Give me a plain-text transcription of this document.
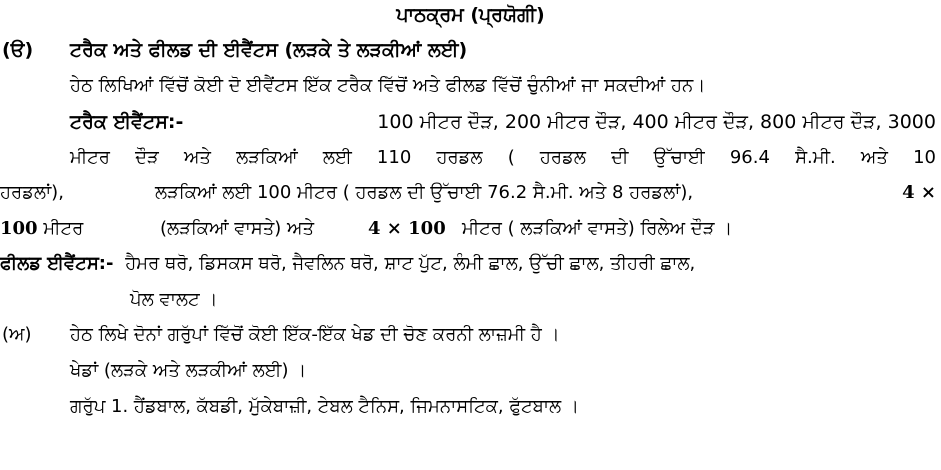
ਪਾਠਕ੍ਰਮ (ਪ੍ਰਯੋਗੀ)
(ੳ) ਟਰੈਕ ਅਤੇ ਫੀਲਡ ਦੀ ਈਵੈਂਟਸ (ਲੜਕੇ ਤੇ ਲੜਕੀਆਂ ਲਈ)
ਹੇਠ ਲਿਖਿਆਂ ਵਿੱਚੋਂ ਕੋਈ ਦੋ ਈਵੈਂਟਸ ਇੱਕ ਟਰੈਕ ਵਿੱਚੋਂ ਅਤੇ ਫੀਲਡ ਵਿੱਚੋਂ ਚੁੰਨੀਆਂ ਜਾ ਸਕਦੀਆਂ ਹਨ।
ਟਰੈਕ ਈਵੈਂਟਸ:-	100 ਮੀਟਰ ਦੌੜ, 200 ਮੀਟਰ ਦੌੜ, 400 ਮੀਟਰ ਦੌੜ, 800 ਮੀਟਰ ਦੌੜ, 3000
ਮੀਟਰ ਦੌੜ ਅਤੇ ਲੜਕਿਆਂ ਲਈ 110 ਹਰਡਲ ( ਹਰਡਲ ਦੀ ਉੱਚਾਈ 96.4 ਸੈ.ਮੀ. ਅਤੇ 10
ਹਰਡਲਾਂ),	ਲੜਕਿਆਂ ਲਈ 100 ਮੀਟਰ ( ਹਰਡਲ ਦੀ ਉੱਚਾਈ 76.2 ਸੈ.ਮੀ. ਅਤੇ 8 ਹਰਡਲਾਂ),	4 ×
100 ਮੀਟਰ	(ਲੜਕਿਆਂ ਵਾਸਤੇ) ਅਤੇ	4 × 100 ਮੀਟਰ ( ਲੜਕਿਆਂ ਵਾਸਤੇ) ਰਿਲੇਅ ਦੌੜ ।
ਫੀਲਡ ਈਵੈਂਟਸ:- ਹੈਮਰ ਥਰੋ, ਡਿਸਕਸ ਥਰੋ, ਜੈਵਲਿਨ ਥਰੋ, ਸ਼ਾਟ ਪੁੱਟ, ਲੰਮੀ ਛਾਲ, ਉੱਚੀ ਛਾਲ, ਤੀਹਰੀ ਛਾਲ,
ਪੋਲ ਵਾਲਟ ।
(ਅ) ਹੇਠ ਲਿਖੇ ਦੋਨਾਂ ਗਰੁੱਪਾਂ ਵਿੱਚੋਂ ਕੋਈ ਇੱਕ-ਇੱਕ ਖੇਡ ਦੀ ਚੋਣ ਕਰਨੀ ਲਾਜ਼ਮੀ ਹੈ ।
ਖੇਡਾਂ (ਲੜਕੇ ਅਤੇ ਲੜਕੀਆਂ ਲਈ) ।
ਗਰੁੱਪ 1. ਹੈਂਡਬਾਲ, ਕੱਬਡੀ, ਮੁੱਕੇਬਾਜ਼ੀ, ਟੇਬਲ ਟੈਨਿਸ, ਜਿਮਨਾਸਟਿਕ, ਫੁੱਟਬਾਲ ।
